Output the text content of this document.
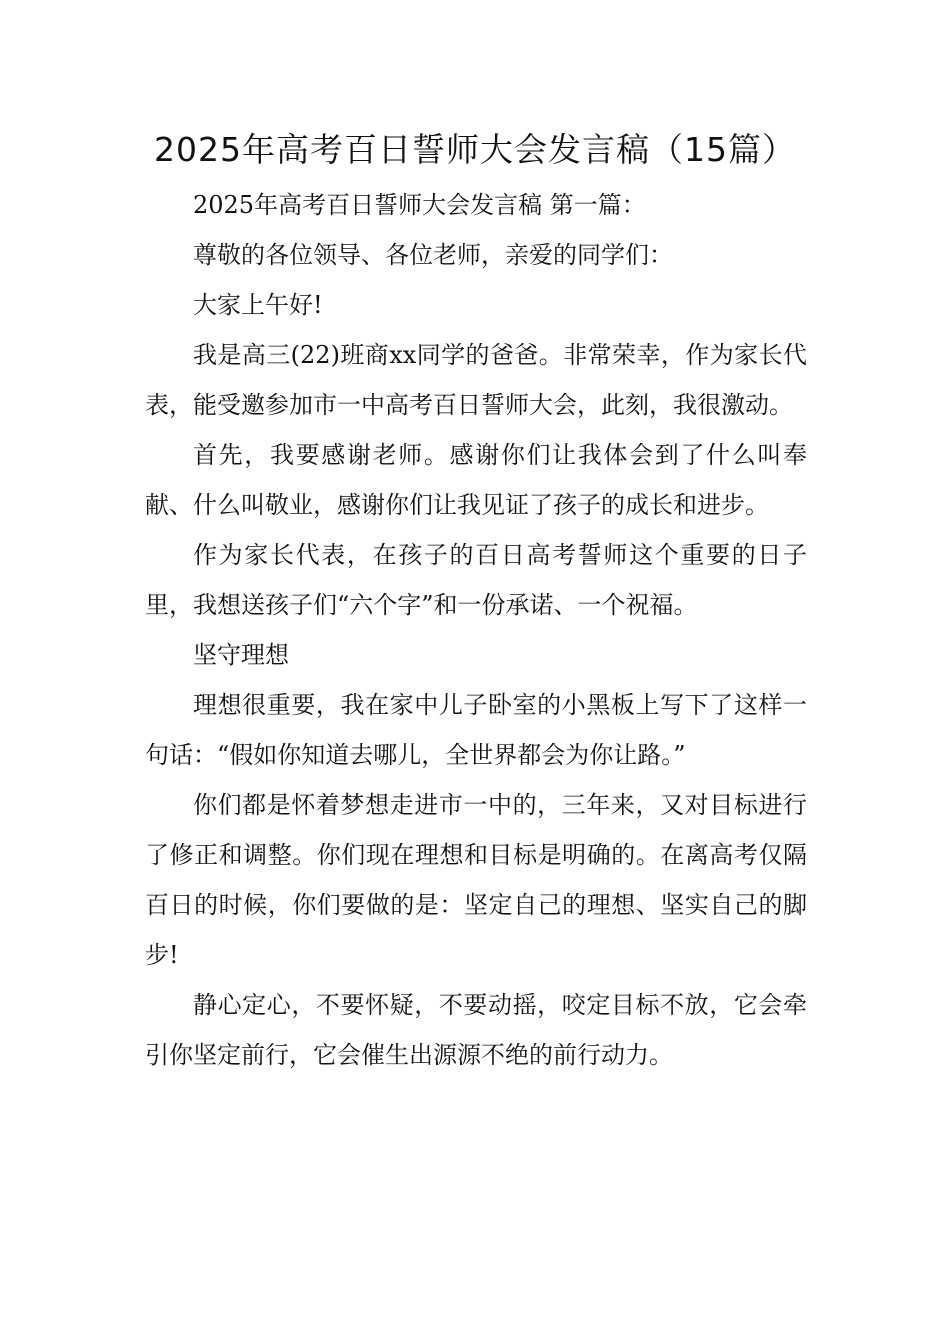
2025年高考百日誓师大会发言稿（15篇）

2025年高考百日誓师大会发言稿 第一篇：

尊敬的各位领导、各位老师，亲爱的同学们：

大家上午好!

我是高三(22)班商xx同学的爸爸。非常荣幸，作为家长代表，能受邀参加市一中高考百日誓师大会，此刻，我很激动。

首先，我要感谢老师。感谢你们让我体会到了什么叫奉献、什么叫敬业，感谢你们让我见证了孩子的成长和进步。

作为家长代表，在孩子的百日高考誓师这个重要的日子里，我想送孩子们“六个字”和一份承诺、一个祝福。

坚守理想

理想很重要，我在家中儿子卧室的小黑板上写下了这样一句话：“假如你知道去哪儿，全世界都会为你让路。”

你们都是怀着梦想走进市一中的，三年来，又对目标进行了修正和调整。你们现在理想和目标是明确的。在离高考仅隔百日的时候，你们要做的是：坚定自己的理想、坚实自己的脚步!

静心定心，不要怀疑，不要动摇，咬定目标不放，它会牵引你坚定前行，它会催生出源源不绝的前行动力。
